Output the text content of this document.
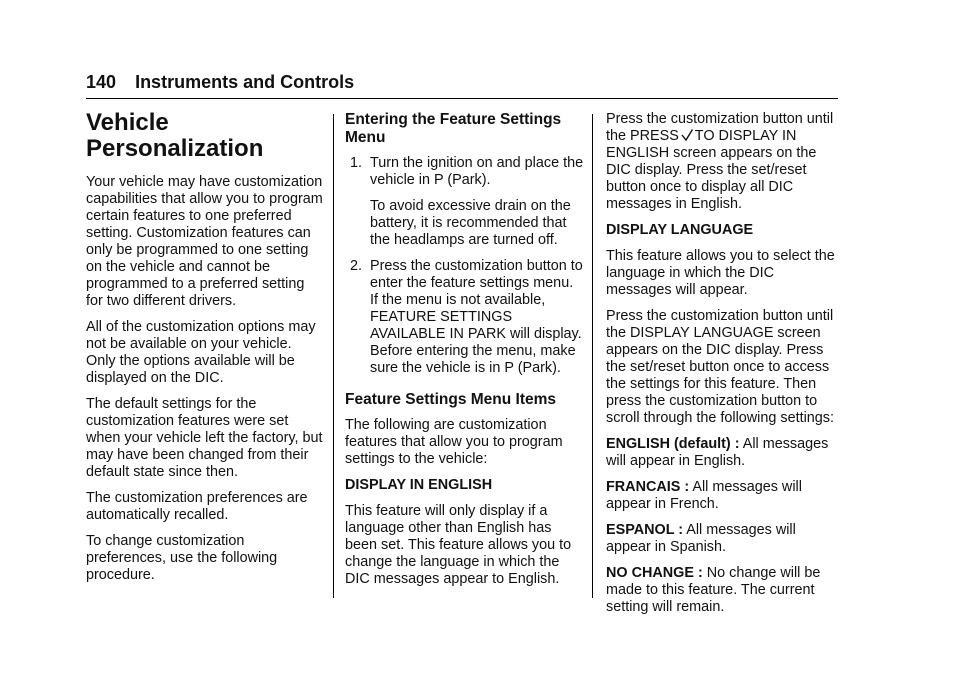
140 Instruments and Controls
Vehicle Personalization

Your vehicle may have customization capabilities that allow you to program certain features to one preferred setting. Customization features can only be programmed to one setting on the vehicle and cannot be programmed to a preferred setting for two different drivers.

All of the customization options may not be available on your vehicle. Only the options available will be displayed on the DIC.

The default settings for the customization features were set when your vehicle left the factory, but may have been changed from their default state since then.

The customization preferences are automatically recalled.

To change customization preferences, use the following procedure.

Entering the Feature Settings Menu
1. Turn the ignition on and place the vehicle in P (Park).

To avoid excessive drain on the battery, it is recommended that the headlamps are turned off.

2. Press the customization button to enter the feature settings menu. If the menu is not available, FEATURE SETTINGS AVAILABLE IN PARK will display. Before entering the menu, make sure the vehicle is in P (Park).

Feature Settings Menu Items

The following are customization features that allow you to program settings to the vehicle:

DISPLAY IN ENGLISH

This feature will only display if a language other than English has been set. This feature allows you to change the language in which the DIC messages appear to English.

Press the customization button until the PRESS TO DISPLAY IN ENGLISH screen appears on the DIC display. Press the set/reset button once to display all DIC messages in English.

DISPLAY LANGUAGE

This feature allows you to select the language in which the DIC messages will appear.

Press the customization button until the DISPLAY LANGUAGE screen appears on the DIC display. Press the set/reset button once to access the settings for this feature. Then press the customization button to scroll through the following settings:

ENGLISH (default) : All messages will appear in English.

FRANCAIS : All messages will appear in French.

ESPANOL : All messages will appear in Spanish.

NO CHANGE : No change will be made to this feature. The current setting will remain.
